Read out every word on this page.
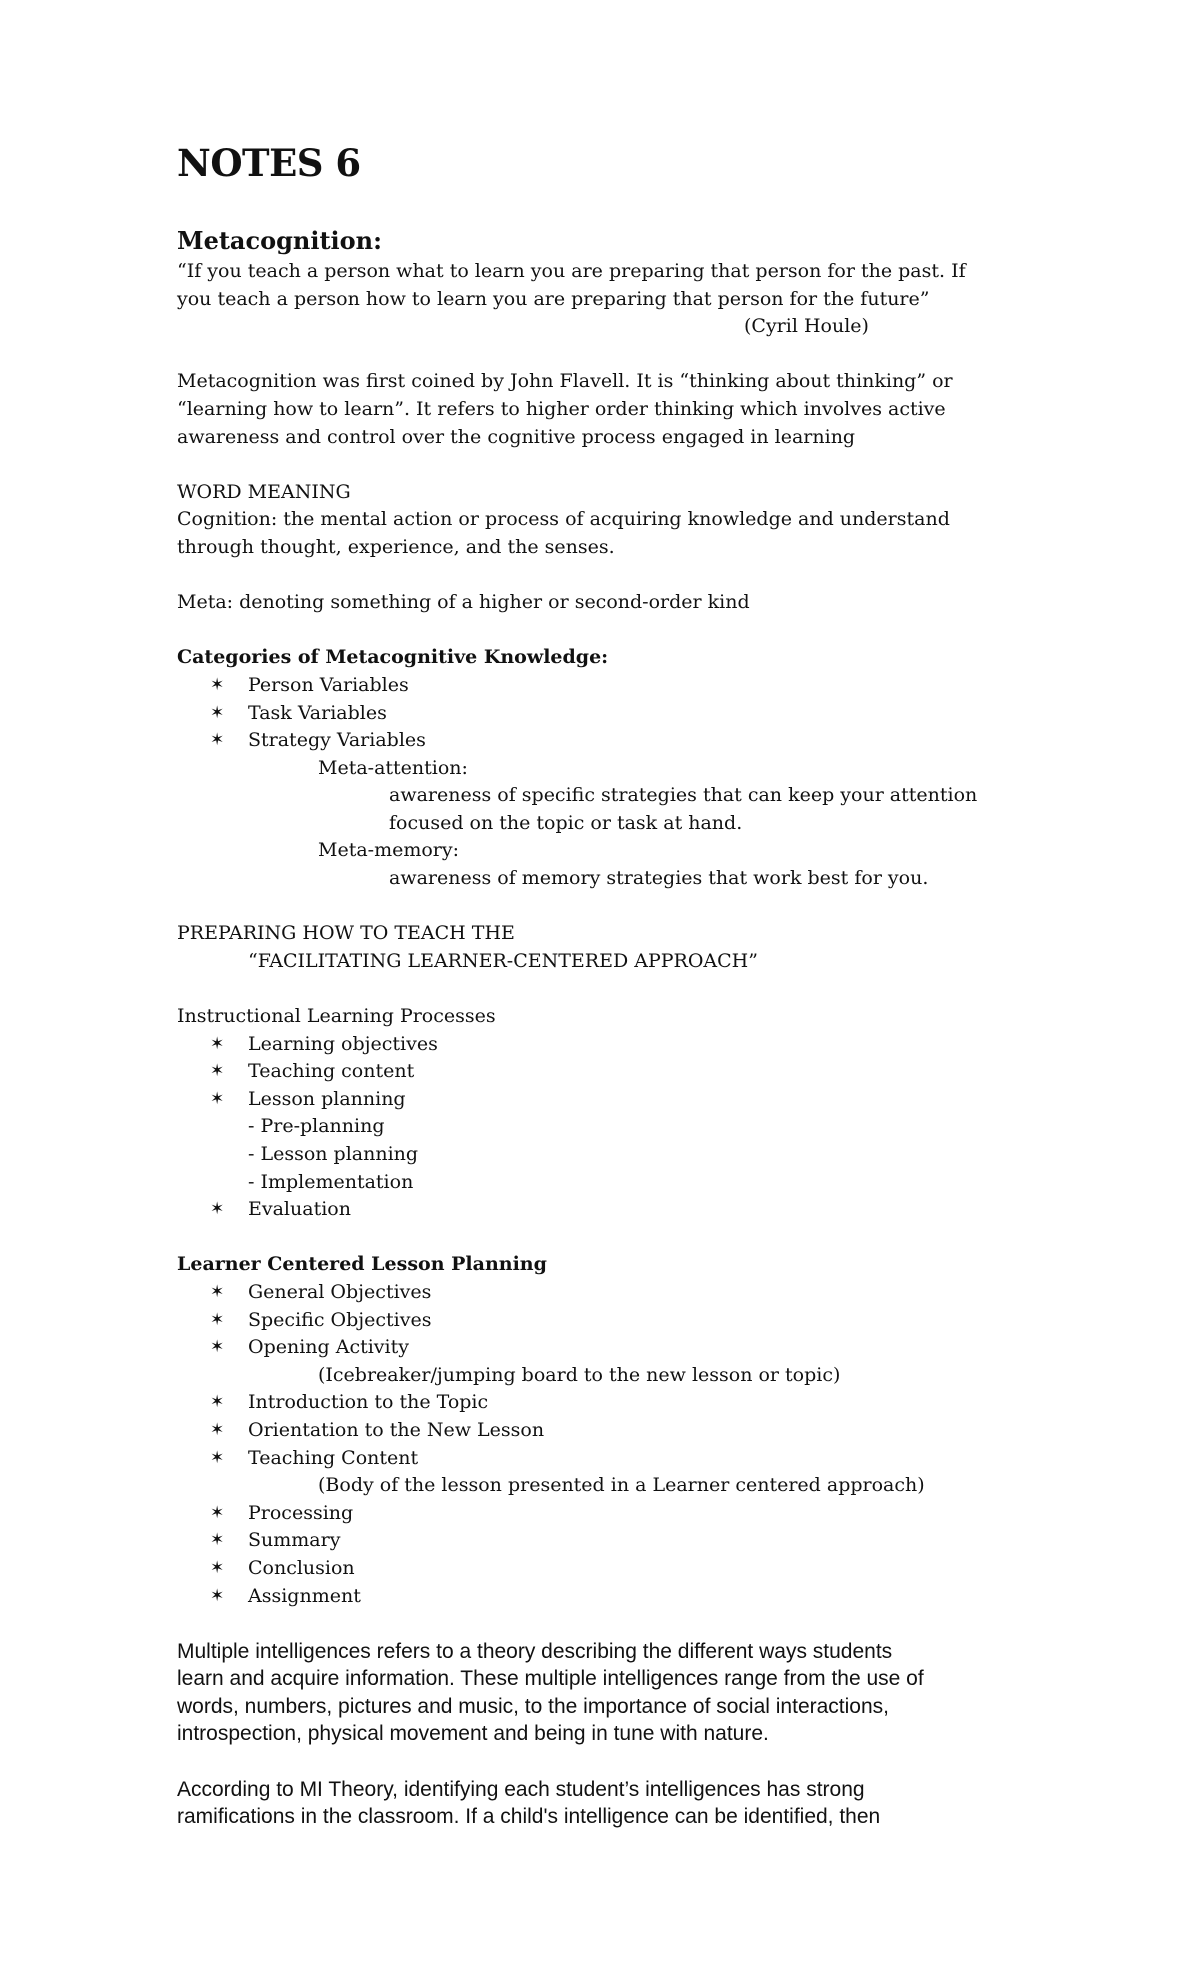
NOTES 6
Metacognition:

“If you teach a person what to learn you are preparing that person for the past. If

you teach a person how to learn you are preparing that person for the future”

(Cyril Houle)

Metacognition was first coined by John Flavell. It is “thinking about thinking” or

“learning how to learn”. It refers to higher order thinking which involves active

awareness and control over the cognitive process engaged in learning

WORD MEANING

Cognition: the mental action or process of acquiring knowledge and understand

through thought, experience, and the senses.

Meta: denoting something of a higher or second-order kind

Categories of Metacognitive Knowledge:

✶ Person Variables
✶ Task Variables
✶ Strategy Variables

Meta-attention:

awareness of specific strategies that can keep your attention

focused on the topic or task at hand.

Meta-memory:

awareness of memory strategies that work best for you.

PREPARING HOW TO TEACH THE

“FACILITATING LEARNER-CENTERED APPROACH”

Instructional Learning Processes

✶ Learning objectives
✶ Teaching content
✶ Lesson planning

- Pre-planning

- Lesson planning

- Implementation

✶ Evaluation

Learner Centered Lesson Planning

✶ General Objectives
✶ Specific Objectives
✶ Opening Activity

(Icebreaker/jumping board to the new lesson or topic)

✶ Introduction to the Topic
✶ Orientation to the New Lesson
✶ Teaching Content

(Body of the lesson presented in a Learner centered approach)

✶ Processing
✶ Summary
✶ Conclusion
✶ Assignment

Multiple intelligences refers to a theory describing the different ways students

learn and acquire information. These multiple intelligences range from the use of

words, numbers, pictures and music, to the importance of social interactions,

introspection, physical movement and being in tune with nature.

According to MI Theory, identifying each student’s intelligences has strong

ramifications in the classroom. If a child's intelligence can be identified, then
